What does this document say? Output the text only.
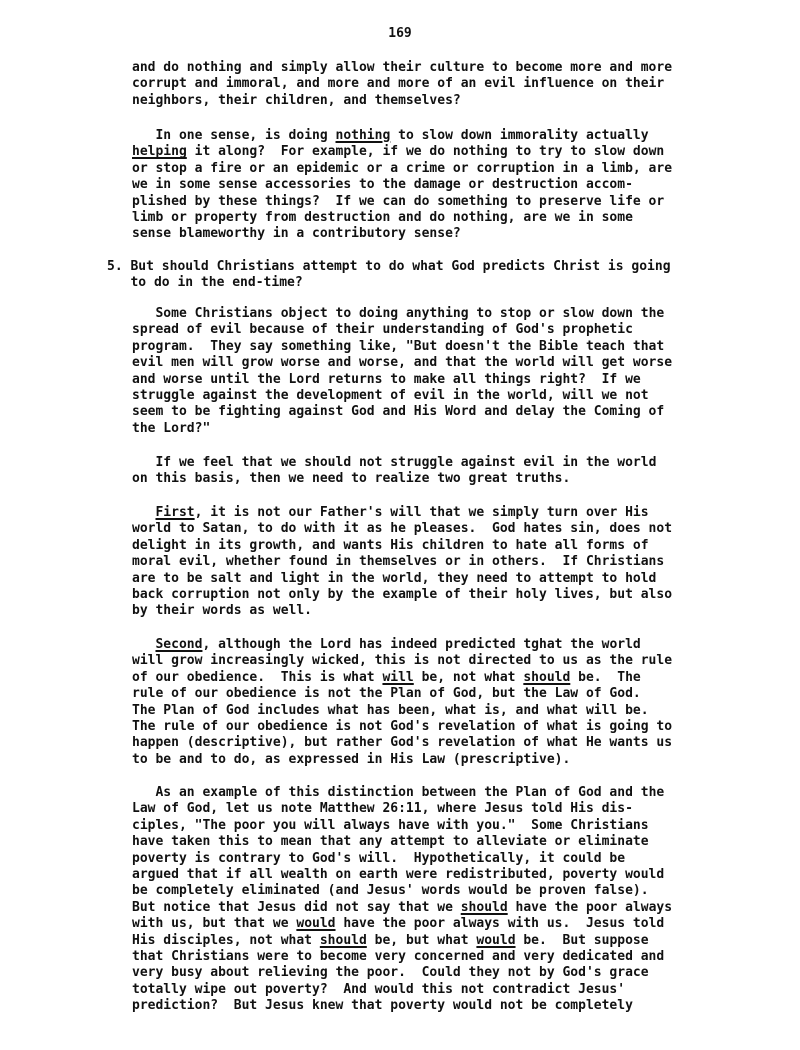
169
and do nothing and simply allow their culture to become more and more
corrupt and immoral, and more and more of an evil influence on their
neighbors, their children, and themselves?
In one sense, is doing nothing to slow down immorality actually
helping it along?  For example, if we do nothing to try to slow down
or stop a fire or an epidemic or a crime or corruption in a limb, are
we in some sense accessories to the damage or destruction accom-
plished by these things?  If we can do something to preserve life or
limb or property from destruction and do nothing, are we in some
sense blameworthy in a contributory sense?
5. But should Christians attempt to do what God predicts Christ is going
to do in the end-time?
Some Christians object to doing anything to stop or slow down the
spread of evil because of their understanding of God's prophetic
program.  They say something like, "But doesn't the Bible teach that
evil men will grow worse and worse, and that the world will get worse
and worse until the Lord returns to make all things right?  If we
struggle against the development of evil in the world, will we not
seem to be fighting against God and His Word and delay the Coming of
the Lord?"
If we feel that we should not struggle against evil in the world
on this basis, then we need to realize two great truths.
First, it is not our Father's will that we simply turn over His
world to Satan, to do with it as he pleases.  God hates sin, does not
delight in its growth, and wants His children to hate all forms of
moral evil, whether found in themselves or in others.  If Christians
are to be salt and light in the world, they need to attempt to hold
back corruption not only by the example of their holy lives, but also
by their words as well.
Second, although the Lord has indeed predicted tghat the world
will grow increasingly wicked, this is not directed to us as the rule
of our obedience.  This is what will be, not what should be.  The
rule of our obedience is not the Plan of God, but the Law of God.
The Plan of God includes what has been, what is, and what will be.
The rule of our obedience is not God's revelation of what is going to
happen (descriptive), but rather God's revelation of what He wants us
to be and to do, as expressed in His Law (prescriptive).
As an example of this distinction between the Plan of God and the
Law of God, let us note Matthew 26:11, where Jesus told His dis-
ciples, "The poor you will always have with you."  Some Christians
have taken this to mean that any attempt to alleviate or eliminate
poverty is contrary to God's will.  Hypothetically, it could be
argued that if all wealth on earth were redistributed, poverty would
be completely eliminated (and Jesus' words would be proven false).
But notice that Jesus did not say that we should have the poor always
with us, but that we would have the poor always with us.  Jesus told
His disciples, not what should be, but what would be.  But suppose
that Christians were to become very concerned and very dedicated and
very busy about relieving the poor.  Could they not by God's grace
totally wipe out poverty?  And would this not contradict Jesus'
prediction?  But Jesus knew that poverty would not be completely
